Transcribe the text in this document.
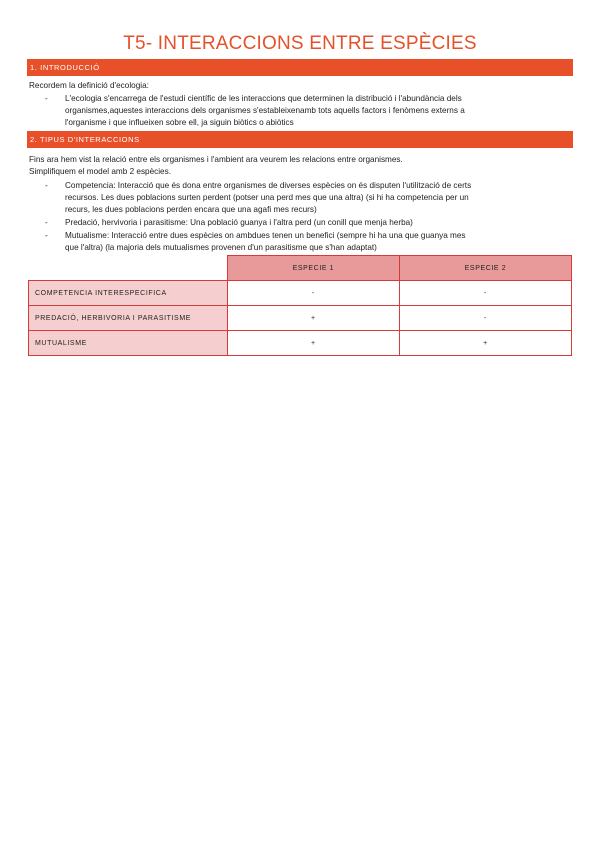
T5- INTERACCIONS ENTRE ESPÈCIES
1. INTRODUCCIÓ
Recordem la definició d'ecologia:
- L'ecologia s'encarrega de l'estudi científic de les interaccions que determinen la distribució i l'abundància dels
organismes,aquestes interaccions dels organismes s'estableixenamb tots aquells factors i fenòmens externs a
l'organisme i que influeixen sobre ell, ja siguin biòtics o abiòtics
2. TIPUS D'INTERACCIONS
Fins ara hem vist la relació entre els organismes i l'ambient ara veurem les relacions entre organismes.
Simplifiquem el model amb 2 espècies.
- Competencia: Interacció que és dona entre organismes de diverses espècies on és disputen l'utilització de certs
recursos. Les dues poblacions surten perdent (potser una perd mes que una altra) (si hi ha competencia per un
recurs, les dues poblacions perden encara que una agafi mes recurs)
- Predació, hervivoria i parasitisme: Una població guanya i l'altra perd (un conill que menja herba)
- Mutualisme: Interacció entre dues espècies on ambdues tenen un benefici (sempre hi ha una que guanya mes
que l'altra) (la majoria dels mutualismes provenen d'un parasitisme que s'han adaptat)
	ESPECIE 1	ESPECIE 2
COMPETENCIA INTERESPECIFICA	-	-
PREDACIÓ, HERBIVORIA I PARASITISME	+	-
MUTUALISME	+	+
